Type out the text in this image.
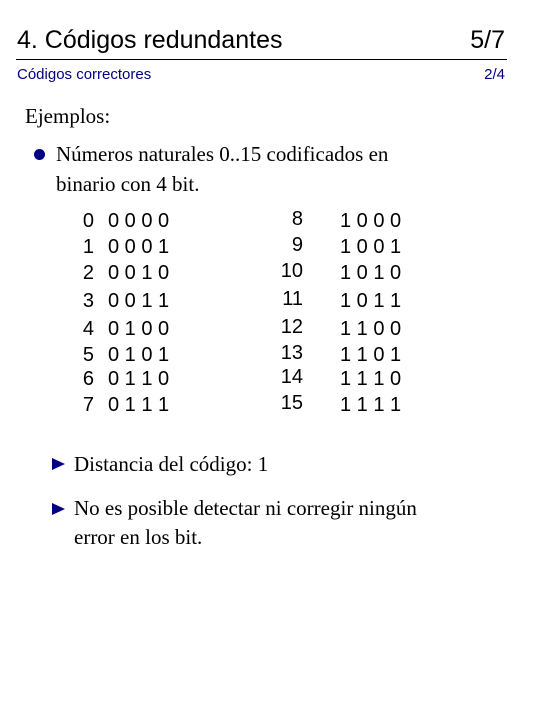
4. Códigos redundantes	5/7
Códigos correctores	2/4
Ejemplos:
Números naturales 0..15 codificados en
binario con 4 bit.
0 0 0 0 0
1 0 0 0 1
2 0 0 1 0
3 0 0 1 1
4 0 1 0 0
5 0 1 0 1
6 0 1 1 0
7 0 1 1 1
8 1 0 0 0
9 1 0 0 1
10 1 0 1 0
11 1 0 1 1
12 1 1 0 0
13 1 1 0 1
14 1 1 1 0
15 1 1 1 1
Distancia del código: 1
No es posible detectar ni corregir ningún
error en los bit.
